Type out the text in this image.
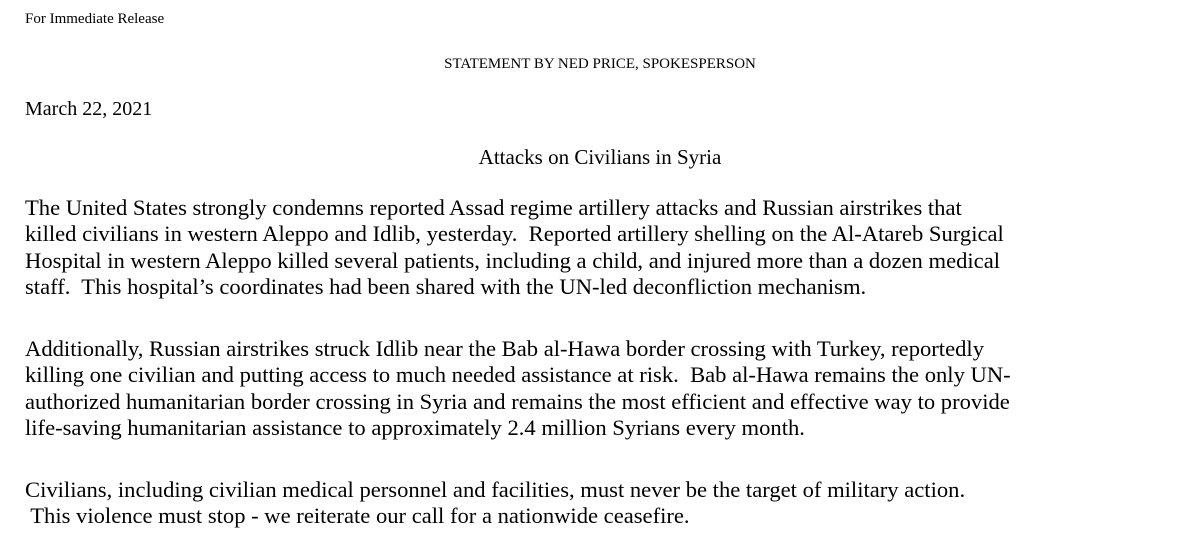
For Immediate Release
STATEMENT BY NED PRICE, SPOKESPERSON
March 22, 2021
Attacks on Civilians in Syria
The United States strongly condemns reported Assad regime artillery attacks and Russian airstrikes that
killed civilians in western Aleppo and Idlib, yesterday.  Reported artillery shelling on the Al-Atareb Surgical
Hospital in western Aleppo killed several patients, including a child, and injured more than a dozen medical
staff.  This hospital’s coordinates had been shared with the UN-led deconfliction mechanism.
Additionally, Russian airstrikes struck Idlib near the Bab al-Hawa border crossing with Turkey, reportedly
killing one civilian and putting access to much needed assistance at risk.  Bab al-Hawa remains the only UN-
authorized humanitarian border crossing in Syria and remains the most efficient and effective way to provide
life-saving humanitarian assistance to approximately 2.4 million Syrians every month.
Civilians, including civilian medical personnel and facilities, must never be the target of military action.
This violence must stop - we reiterate our call for a nationwide ceasefire.
